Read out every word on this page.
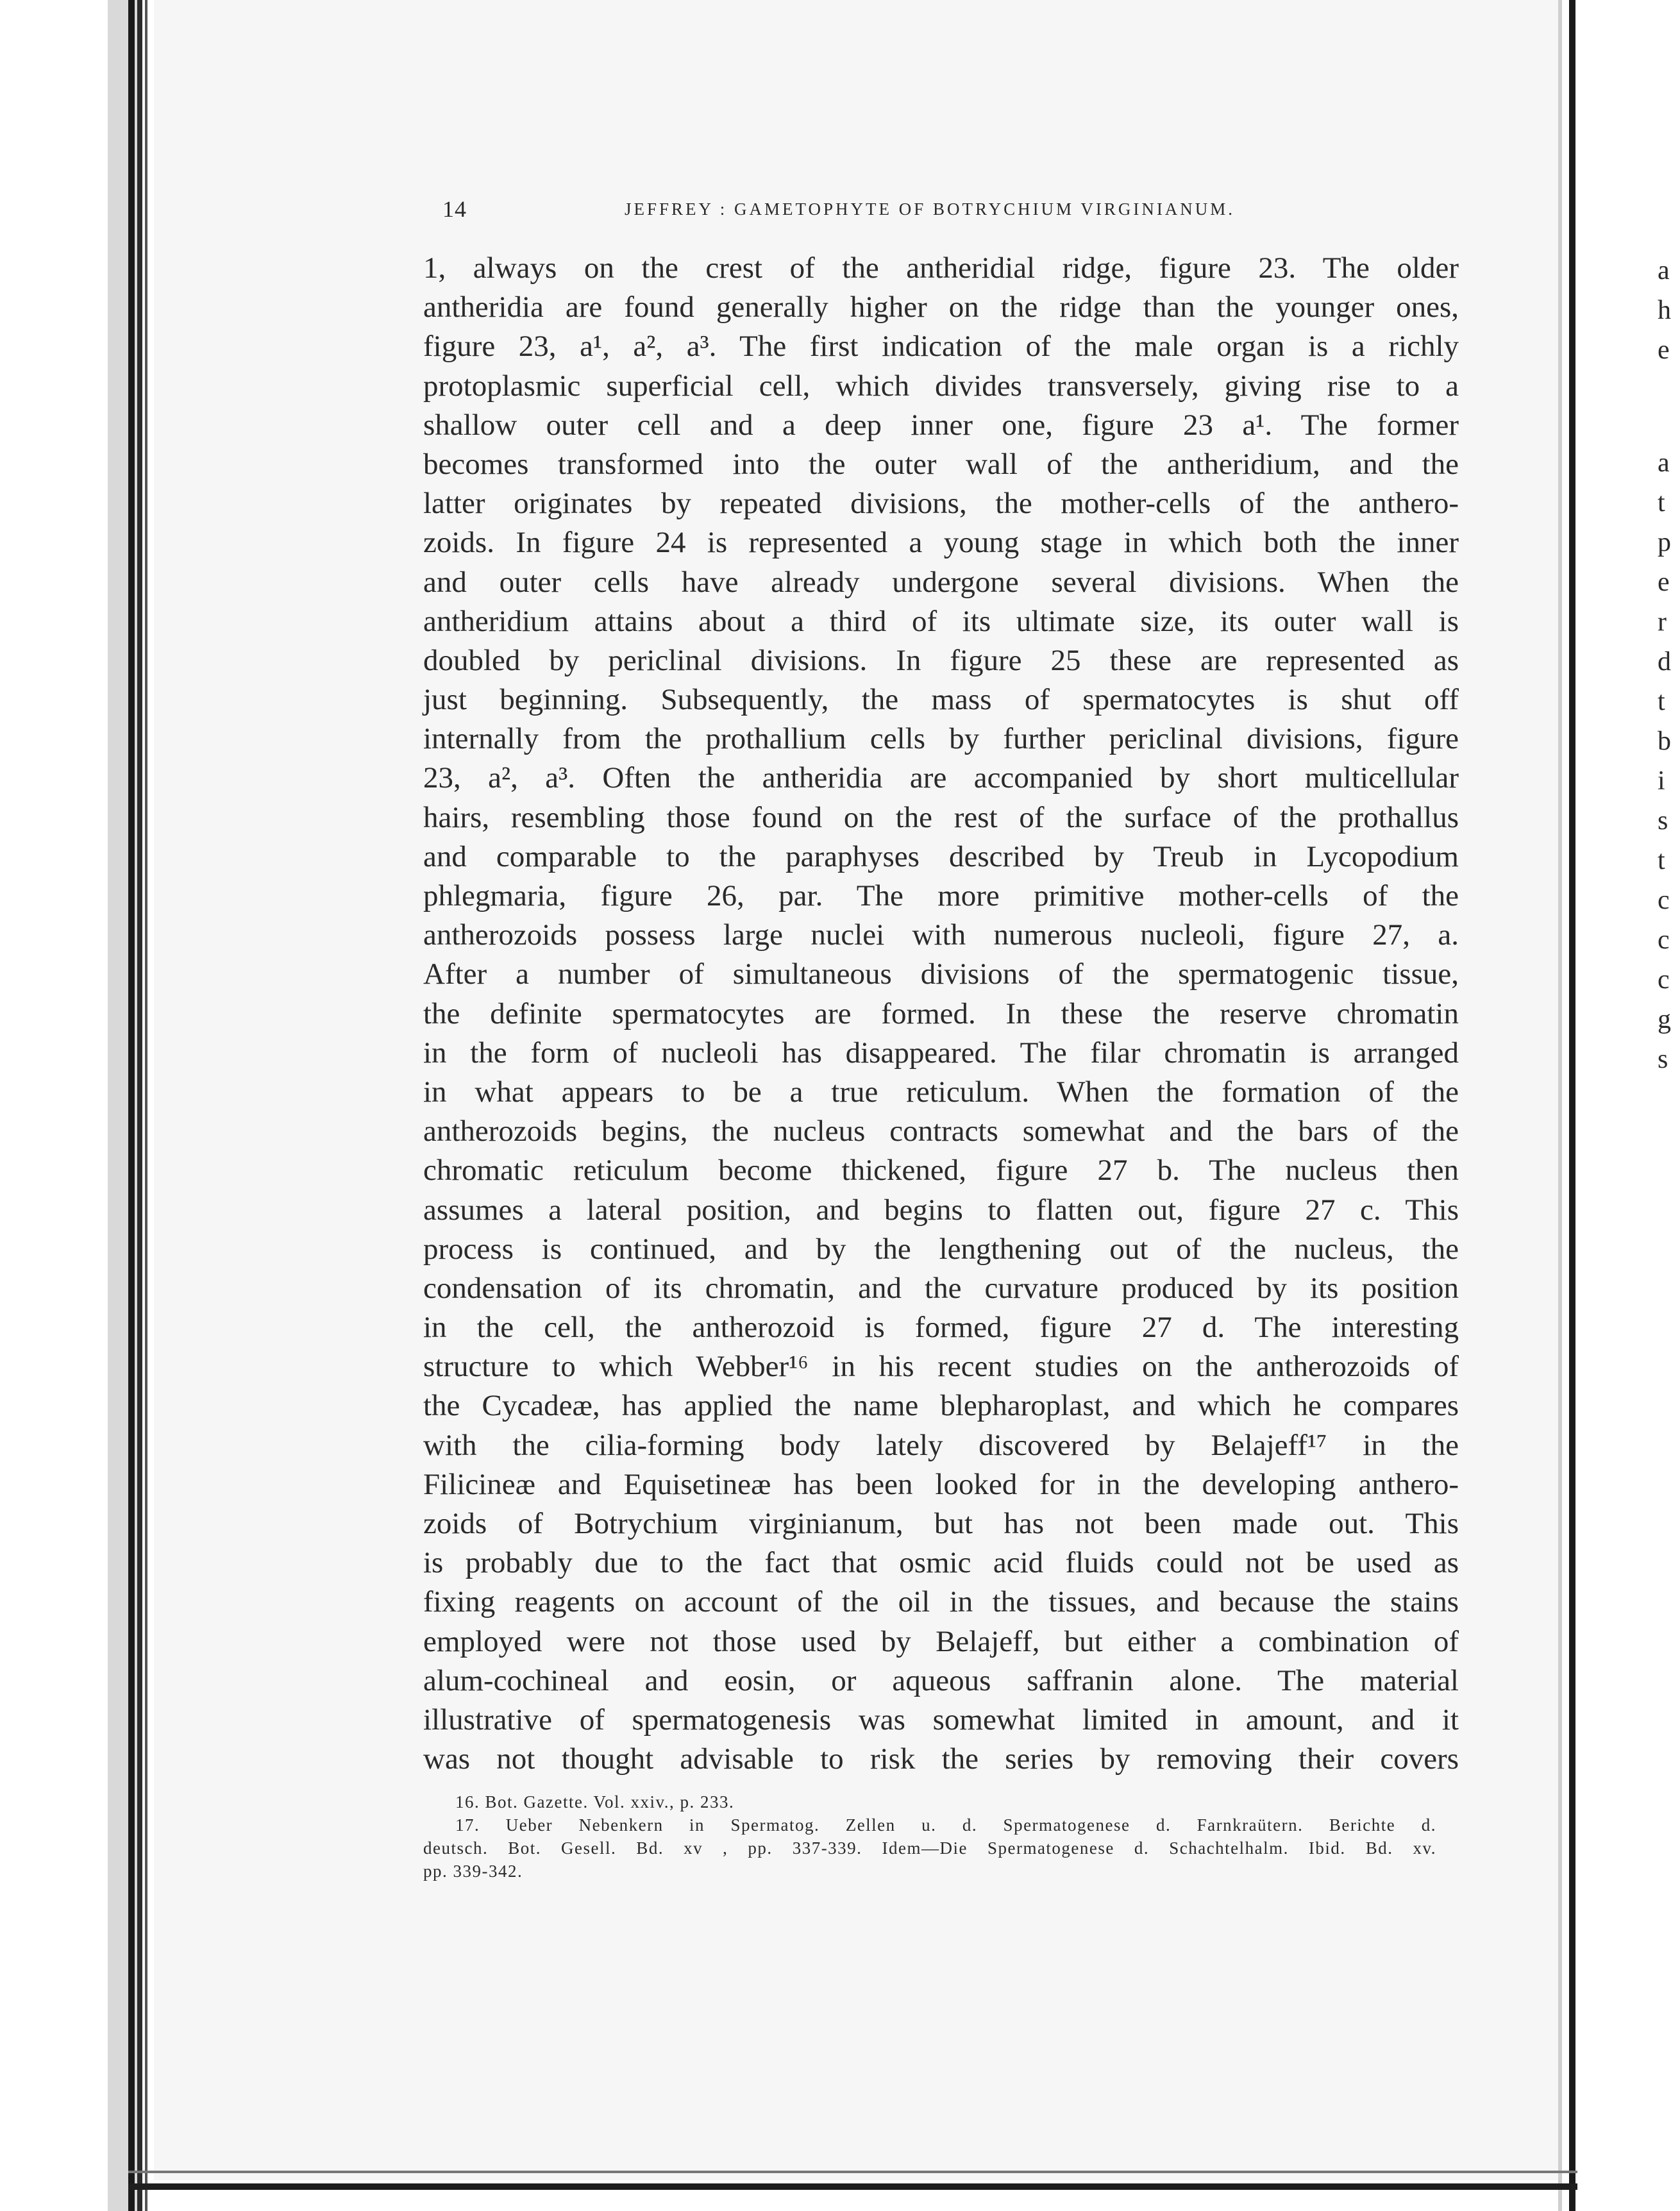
14	JEFFREY : GAMETOPHYTE OF BOTRYCHIUM VIRGINIANUM.
1, always on the crest of the antheridial ridge, figure 23. The older
antheridia are found generally higher on the ridge than the younger ones,
figure 23, a¹, a², a³. The first indication of the male organ is a richly
protoplasmic superficial cell, which divides transversely, giving rise to a
shallow outer cell and a deep inner one, figure 23 a¹. The former
becomes transformed into the outer wall of the antheridium, and the
latter originates by repeated divisions, the mother-cells of the anthero-
zoids. In figure 24 is represented a young stage in which both the inner
and outer cells have already undergone several divisions. When the
antheridium attains about a third of its ultimate size, its outer wall is
doubled by periclinal divisions. In figure 25 these are represented as
just beginning. Subsequently, the mass of spermatocytes is shut off
internally from the prothallium cells by further periclinal divisions, figure
23, a², a³. Often the antheridia are accompanied by short multicellular
hairs, resembling those found on the rest of the surface of the prothallus
and comparable to the paraphyses described by Treub in Lycopodium
phlegmaria, figure 26, par. The more primitive mother-cells of the
antherozoids possess large nuclei with numerous nucleoli, figure 27, a.
After a number of simultaneous divisions of the spermatogenic tissue,
the definite spermatocytes are formed. In these the reserve chromatin
in the form of nucleoli has disappeared. The filar chromatin is arranged
in what appears to be a true reticulum. When the formation of the
antherozoids begins, the nucleus contracts somewhat and the bars of the
chromatic reticulum become thickened, figure 27 b. The nucleus then
assumes a lateral position, and begins to flatten out, figure 27 c. This
process is continued, and by the lengthening out of the nucleus, the
condensation of its chromatin, and the curvature produced by its position
in the cell, the antherozoid is formed, figure 27 d. The interesting
structure to which Webber¹⁶ in his recent studies on the antherozoids of
the Cycadeæ, has applied the name blepharoplast, and which he compares
with the cilia-forming body lately discovered by Belajeff¹⁷ in the
Filicineæ and Equisetineæ has been looked for in the developing anthero-
zoids of Botrychium virginianum, but has not been made out. This
is probably due to the fact that osmic acid fluids could not be used as
fixing reagents on account of the oil in the tissues, and because the stains
employed were not those used by Belajeff, but either a combination of
alum-cochineal and eosin, or aqueous saffranin alone. The material
illustrative of spermatogenesis was somewhat limited in amount, and it
was not thought advisable to risk the series by removing their covers
16. Bot. Gazette. Vol. xxiv., p. 233.
17. Ueber Nebenkern in Spermatog. Zellen u. d. Spermatogenese d. Farnkraütern. Berichte d.
deutsch. Bot. Gesell. Bd. xv , pp. 337-339. Idem—Die Spermatogenese d. Schachtelhalm. Ibid. Bd. xv.
pp. 339-342.
a
h
e
a
t
p
e
r
d
t
b
i
s
t
c
c
c
g
s
